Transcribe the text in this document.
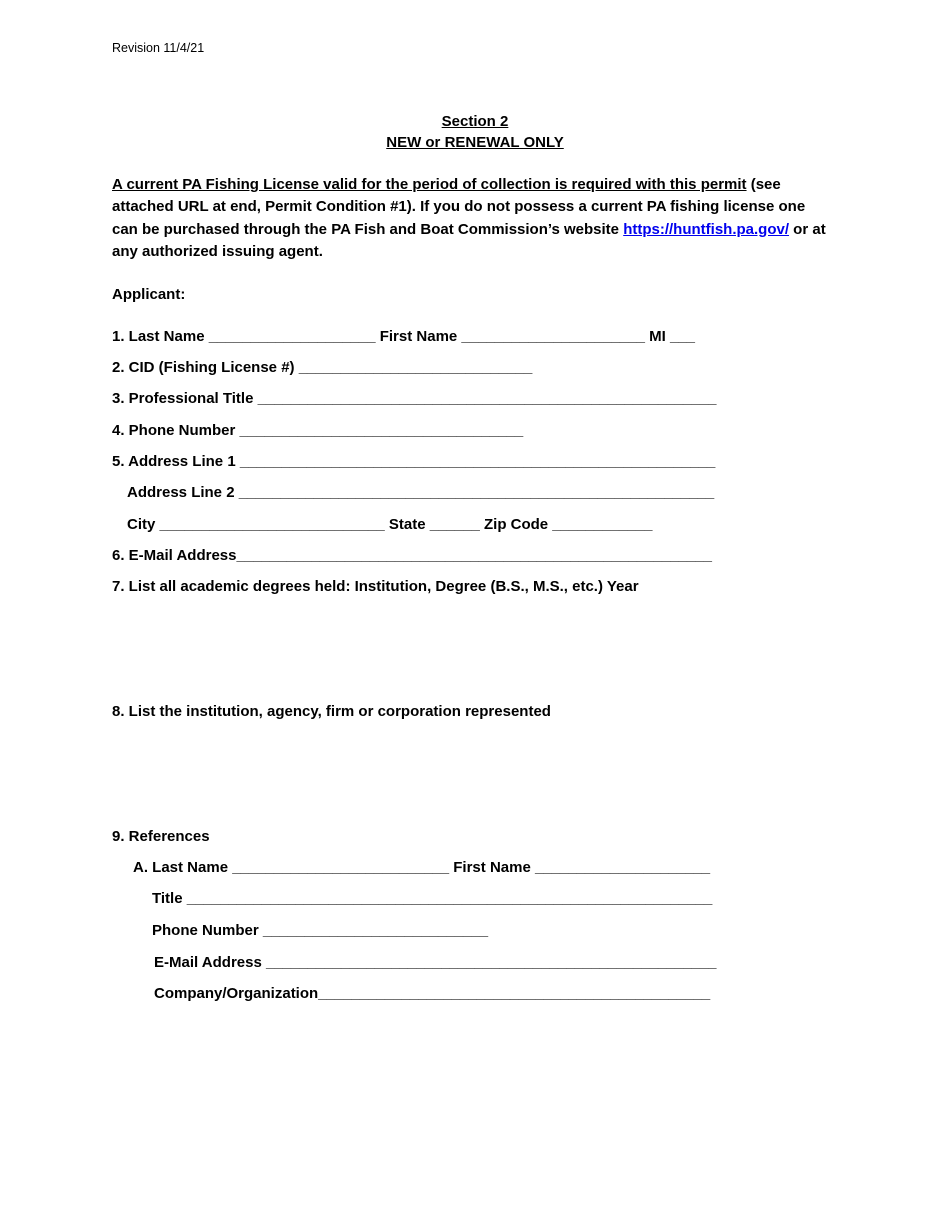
Revision 11/4/21
Section 2
NEW or RENEWAL ONLY
A current PA Fishing License valid for the period of collection is required with this permit (see attached URL at end, Permit Condition #1). If you do not possess a current PA fishing license one can be purchased through the PA Fish and Boat Commission’s website https://huntfish.pa.gov/ or at any authorized issuing agent.
Applicant:
1. Last Name ____________________ First Name ______________________ MI ___
2. CID (Fishing License #) ____________________________
3. Professional Title _______________________________________________________
4. Phone Number __________________________________
5. Address Line 1 _________________________________________________________
Address Line 2 _________________________________________________________
City ___________________________ State ______ Zip Code ____________
6. E-Mail Address_________________________________________________________
7. List all academic degrees held: Institution, Degree (B.S., M.S., etc.) Year
8. List the institution, agency, firm or corporation represented
9. References
A. Last Name __________________________ First Name _____________________
Title _______________________________________________________________
Phone Number ___________________________
E-Mail Address ______________________________________________________
Company/Organization_______________________________________________
